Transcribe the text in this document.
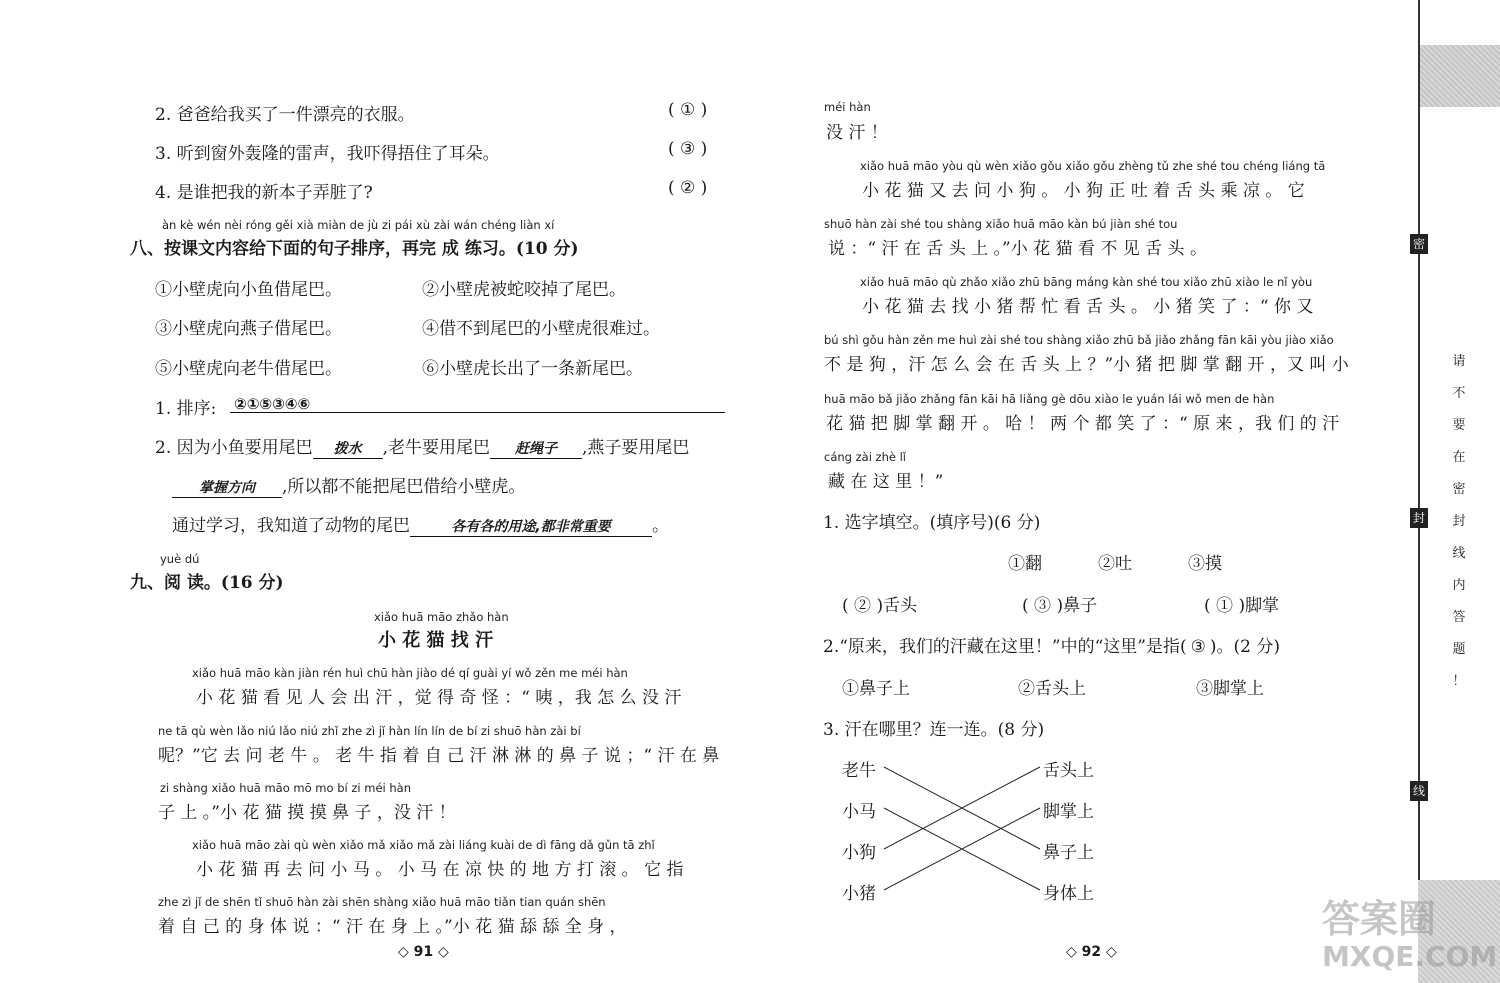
2. 爸爸给我买了一件漂亮的衣服。	( ① )
3. 听到窗外轰隆的雷声，我吓得捂住了耳朵。	( ③ )
4. 是谁把我的新本子弄脏了?	( ② )
àn kè wén nèi róng gěi xià miàn de jù zi pái xù zài wán chéng liàn xí
八、按课文内容给下面的句子排序，再完 成 练习。(10 分)
①小壁虎向小鱼借尾巴。	②小壁虎被蛇咬掉了尾巴。
③小壁虎向燕子借尾巴。	④借不到尾巴的小壁虎很难过。
⑤小壁虎向老牛借尾巴。	⑥小壁虎长出了一条新尾巴。
1. 排序: ②①⑤③④⑥
2. 因为小鱼要用尾巴 拨水 ,老牛要用尾巴 赶绳子 ,燕子要用尾巴
掌握方向 ,所以都不能把尾巴借给小壁虎。
通过学习，我知道了动物的尾巴	各有各的用途,都非常重要 。
yuè dú
九、阅 读。(16 分)
xiǎo huā māo zhǎo hàn
小 花 猫 找 汗
xiǎo huā māo kàn jiàn rén huì chū hàn jiào dé qí guài yí wǒ zěn me méi hàn
小 花 猫 看 见 人 会 出 汗 ，觉 得 奇 怪 ：“ 咦 ，我 怎 么 没 汗
ne tā qù wèn lǎo niú lǎo niú zhǐ zhe zì jǐ hàn lín lín de bí zi shuō hàn zài bí
呢？”它 去 问 老 牛 。 老 牛 指 着 自 己 汗 淋 淋 的 鼻 子 说 ；“ 汗 在 鼻
zi shàng xiǎo huā māo mō mo bí zi méi hàn
子 上 。”小 花 猫 摸 摸 鼻 子 ，没 汗 ！
xiǎo huā māo zài qù wèn xiǎo mǎ xiǎo mǎ zài liáng kuài de dì fāng dǎ gǔn tā zhǐ
小 花 猫 再 去 问 小 马 。 小 马 在 凉 快 的 地 方 打 滚 。 它 指
zhe zì jǐ de shēn tǐ shuō hàn zài shēn shàng xiǎo huā māo tiǎn tian quán shēn
着 自 己 的 身 体 说 ：“ 汗 在 身 上 。”小 花 猫 舔 舔 全 身 ，
◇ 91 ◇
méi hàn
没 汗 ！
xiǎo huā māo yòu qù wèn xiǎo gǒu xiǎo gǒu zhèng tǔ zhe shé tou chéng liáng tā
小 花 猫 又 去 问 小 狗 。 小 狗 正 吐 着 舌 头 乘 凉 。 它
shuō hàn zài shé tou shàng xiǎo huā māo kàn bú jiàn shé tou
说 ：“ 汗 在 舌 头 上 。”小 花 猫 看 不 见 舌 头 。
xiǎo huā māo qù zhǎo xiǎo zhū bāng máng kàn shé tou xiǎo zhū xiào le nǐ yòu
小 花 猫 去 找 小 猪 帮 忙 看 舌 头 。 小 猪 笑 了 ：“ 你 又
bú shì gǒu hàn zěn me huì zài shé tou shàng xiǎo zhū bǎ jiǎo zhǎng fān kāi yòu jiào xiǎo
不 是 狗 ，汗 怎 么 会 在 舌 头 上 ？”小 猪 把 脚 掌 翻 开 ，又 叫 小
huā māo bǎ jiǎo zhǎng fān kāi hā liǎng gè dōu xiào le yuán lái wǒ men de hàn
花 猫 把 脚 掌 翻 开 。 哈 ！ 两 个 都 笑 了 ：“ 原 来 ，我 们 的 汗
cáng zài zhè lǐ
藏 在 这 里 ！”
1. 选字填空。(填序号)(6 分)
①翻	②吐	③摸
( ② )舌头	( ③ )鼻子	( ① )脚掌
2.“原来，我们的汗藏在这里！”中的“这里”是指( ③ )。(2 分)
①鼻子上	②舌头上	③脚掌上
3. 汗在哪里？连一连。(8 分)
老牛
小马
小狗
小猪
舌头上
脚掌上
鼻子上
身体上
◇ 92 ◇
密
封
线
请
不
要
在
密
封
线
内
答
题
！
答案圈
MXQE.COM
